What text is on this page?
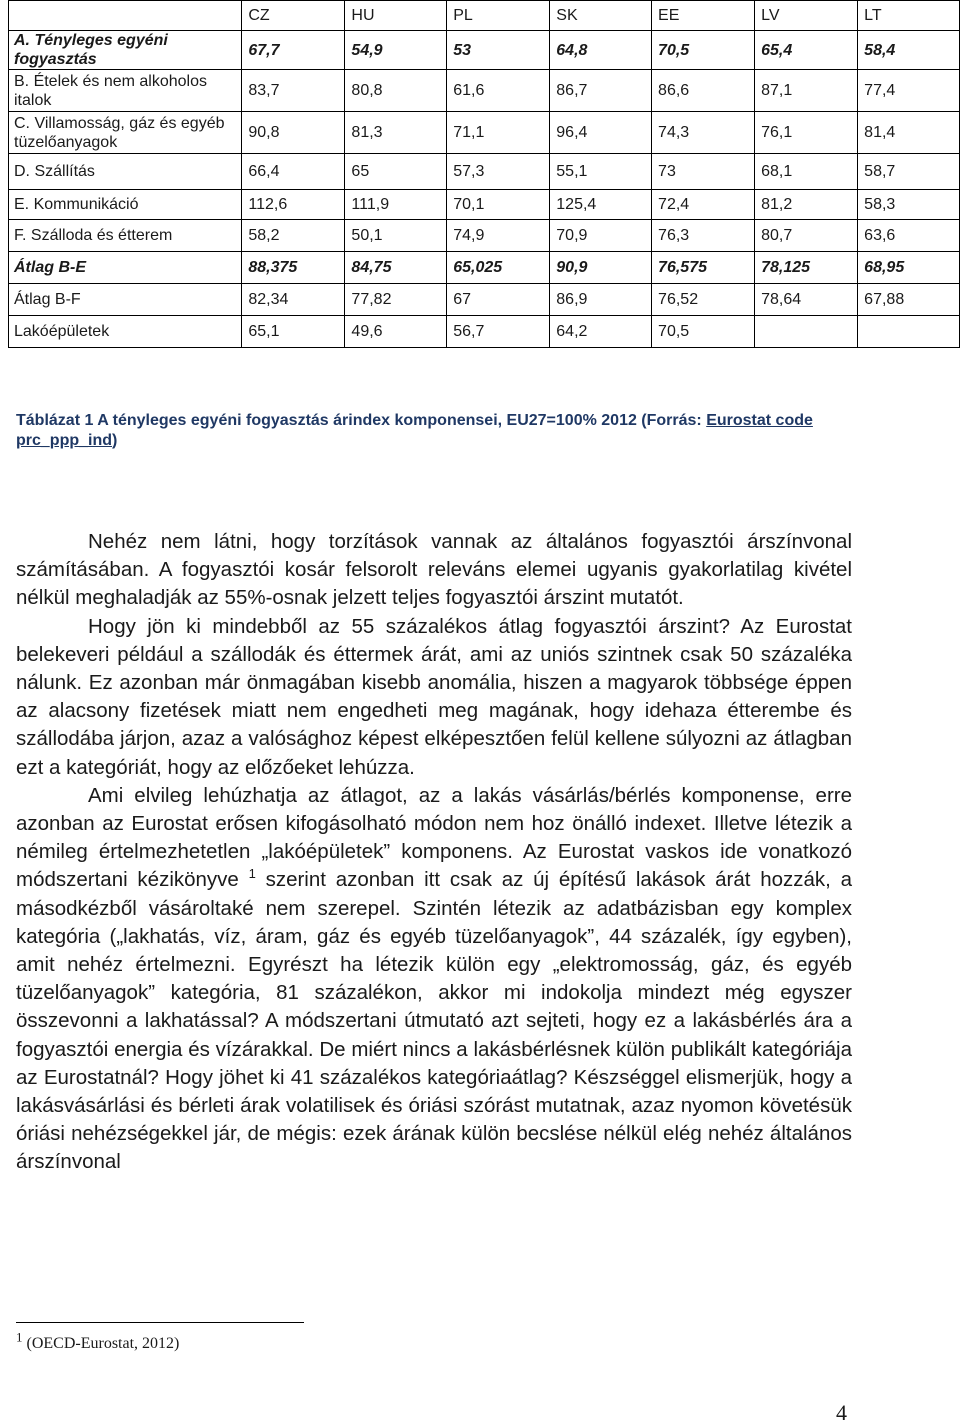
	CZ	HU	PL	SK	EE	LV	LT
A. Tényleges egyéni fogyasztás	67,7	54,9	53	64,8	70,5	65,4	58,4
B. Ételek és nem alkoholos italok	83,7	80,8	61,6	86,7	86,6	87,1	77,4
C. Villamosság, gáz és egyéb tüzelőanyagok	90,8	81,3	71,1	96,4	74,3	76,1	81,4
D. Szállítás	66,4	65	57,3	55,1	73	68,1	58,7
E. Kommunikáció	112,6	111,9	70,1	125,4	72,4	81,2	58,3
F. Szálloda és étterem	58,2	50,1	74,9	70,9	76,3	80,7	63,6
Átlag B-E	88,375	84,75	65,025	90,9	76,575	78,125	68,95
Átlag B-F	82,34	77,82	67	86,9	76,52	78,64	67,88
Lakóépületek	65,1	49,6	56,7	64,2	70,5		
Táblázat 1 A tényleges egyéni fogyasztás árindex komponensei, EU27=100% 2012 (Forrás: Eurostat code prc_ppp_ind)

Nehéz nem látni, hogy torzítások vannak az általános fogyasztói árszínvonal számításában. A fogyasztói kosár felsorolt releváns elemei ugyanis gyakorlatilag kivétel nélkül meghaladják az 55%-osnak jelzett teljes fogyasztói árszint mutatót.

Hogy jön ki mindebből az 55 százalékos átlag fogyasztói árszint? Az Eurostat belekeveri például a szállodák és éttermek árát, ami az uniós szintnek csak 50 százaléka nálunk. Ez azonban már önmagában kisebb anomália, hiszen a magyarok többsége éppen az alacsony fizetések miatt nem engedheti meg magának, hogy idehaza étterembe és szállodába járjon, azaz a valósághoz képest elképesztően felül kellene súlyozni az átlagban ezt a kategóriát, hogy az előzőeket lehúzza.

Ami elvileg lehúzhatja az átlagot, az a lakás vásárlás/bérlés komponense, erre azonban az Eurostat erősen kifogásolható módon nem hoz önálló indexet. Illetve létezik a némileg értelmezhetetlen „lakóépületek” komponens. Az Eurostat vaskos ide vonatkozó módszertani kézikönyve $^1$ szerint azonban itt csak az új építésű lakások árát hozzák, a másodkézből vásároltaké nem szerepel. Szintén létezik az adatbázisban egy komplex kategória („lakhatás, víz, áram, gáz és egyéb tüzelőanyagok”, 44 százalék, így egyben), amit nehéz értelmezni. Egyrészt ha létezik külön egy „elektromosság, gáz, és egyéb tüzelőanyagok” kategória, 81 százalékon, akkor mi indokolja mindezt még egyszer összevonni a lakhatással? A módszertani útmutató azt sejteti, hogy ez a lakásbérlés ára a fogyasztói energia és vízárakkal. De miért nincs a lakásbérlésnek külön publikált kategóriája az Eurostatnál? Hogy jöhet ki 41 százalékos kategóriaátlag? Készséggel elismerjük, hogy a lakásvásárlási és bérleti árak volatilisek és óriási szórást mutatnak, azaz nyomon követésük óriási nehézségekkel jár, de mégis: ezek árának külön becslése nélkül elég nehéz általános árszínvonal

$^1$ (OECD-Eurostat, 2012)
4
